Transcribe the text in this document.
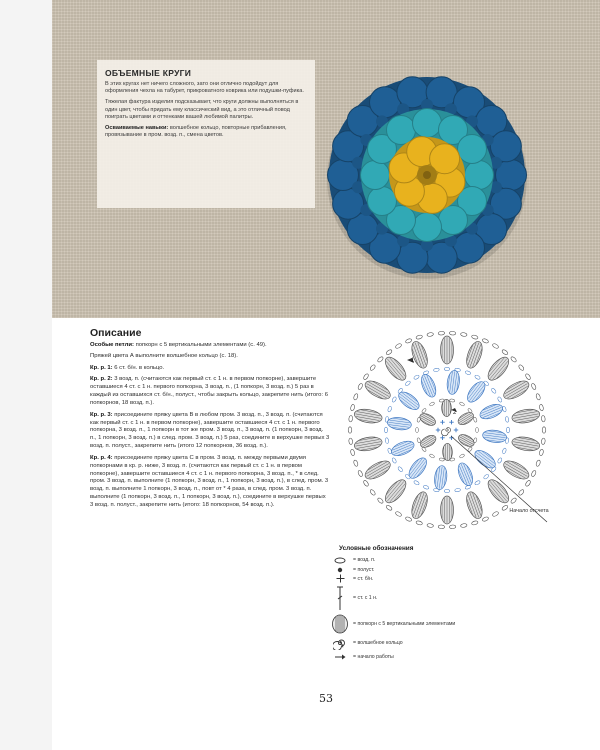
ОБЪЕМНЫЕ КРУГИ

В этих кругах нет ничего сложного, зато они отлично подойдут для оформления чехла на табурет, прикроватного коврика или подушки-пуфика.

Тяжелая фактура изделия подсказывает, что круги должны выполняться в один цвет, чтобы придать ему классический вид, а это отличный повод поиграть цветами и оттенками вашей любимой палитры.

Осваиваемые навыки: волшебное кольцо, повторные прибавления, провязывание в пром. возд. п., смена цветов.

Описание

Особые петли: попкорн с 5 вертикальными элементами (с. 49).

Пряжей цвета А выполните волшебное кольцо (с. 18).

Кр. р. 1: 6 ст. б/н. в кольцо.

Кр. р. 2: 3 возд. п. (считаются как первый ст. с 1 н. в первом попкорне), завершите оставшиеся 4 ст. с 1 н. первого попкорна, 3 возд. п., (1 попкорн, 3 возд. п.) 5 раз в каждый из оставшихся ст. б/н., полуст., чтобы закрыть кольцо, закрепите нить (итого: 6 попкорнов, 18 возд. п.).

Кр. р. 3: присоедините пряжу цвета В в любом пром. 3 возд. п., 3 возд. п. (считаются как первый ст. с 1 н. в первом попкорне), завершите оставшиеся 4 ст. с 1 н. первого попкорна, 3 возд. п., 1 попкорн в тот же пром. 3 возд. п., 3 возд. п. (1 попкорн, 3 возд. п., 1 попкорн, 3 возд. п.) в след. пром. 3 возд. п.) 5 раз, соедините в верхушке первых 3 возд. п. полуст., закрепите нить (итого 12 попкорнов, 36 возд. п.).

Кр. р. 4: присоедините пряжу цвета С в пром. 3 возд. п. между первыми двумя попкорнами в кр. р. ниже, 3 возд. п. (считаются как первый ст. с 1 н. в первом попкорне), завершите оставшиеся 4 ст. с 1 н. первого попкорна, 3 возд. п., * в след. пром. 3 возд. п. выполните (1 попкорн, 3 возд. п., 1 попкорн, 3 возд. п.), в след. пром. 3 возд. п. выполните 1 попкорн, 3 возд. п., повт от * 4 раза, в след. пром. 3 возд. п. выполните (1 попкорн, 3 возд. п., 1 попкорн, 3 возд. п.), соедините в верхушке первых 3 возд. п. полуст., закрепите нить (итого: 18 попкорнов, 54 возд. п.).

1
2
Начало отсчета
Условные обозначения
= возд. п.
= полуст.
= ст. б/н.
= ст. с 1 н.
= попкорн с 5 вертикальными элементами
= волшебное кольцо
= начало работы
53
